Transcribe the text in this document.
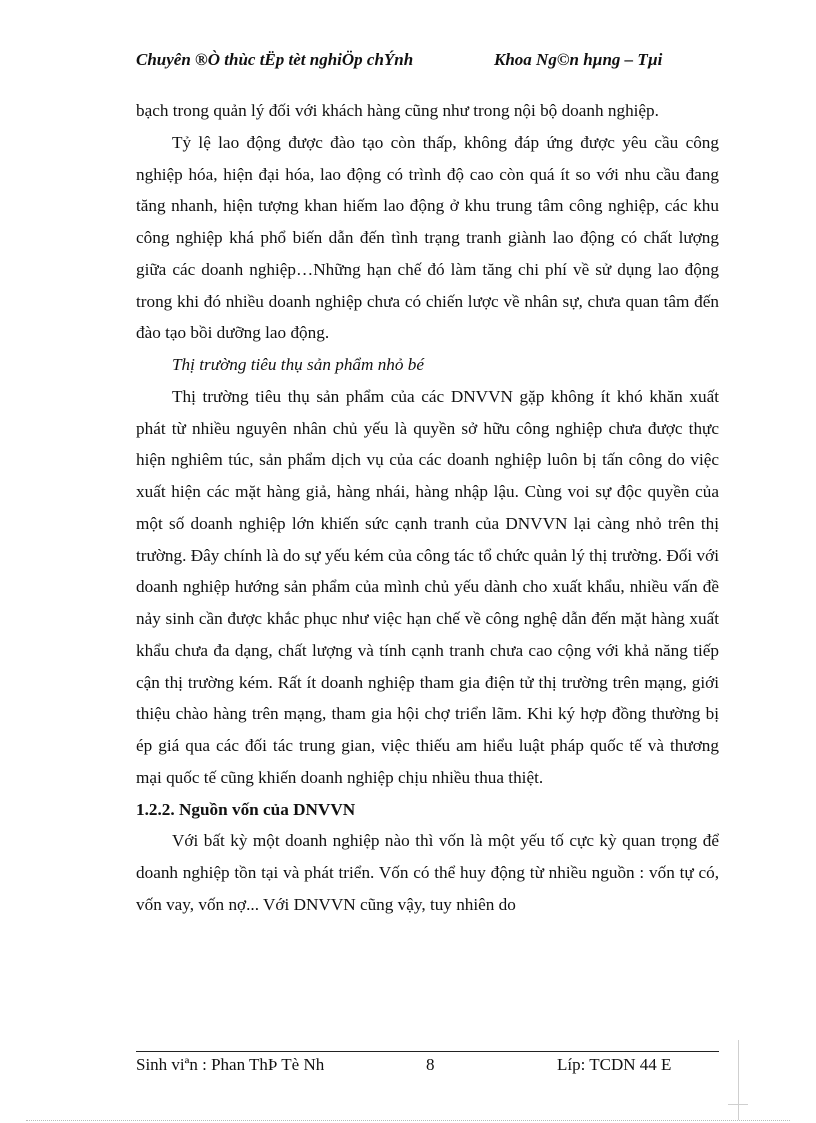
Chuyên ®Ò thùc tËp tèt nghiÖp chÝnh	Khoa Ng©n hµng – Tµi

bạch trong quản lý đối với khách hàng cũng như trong nội bộ doanh nghiệp.

Tỷ lệ lao động được đào tạo còn thấp, không đáp ứng được yêu cầu công nghiệp hóa, hiện đại hóa, lao động có trình độ cao còn quá ít so với nhu cầu đang tăng nhanh, hiện tượng khan hiếm lao động ở khu trung tâm công nghiệp, các khu công nghiệp khá phổ biến dẫn đến tình trạng tranh giành lao động có chất lượng giữa các doanh nghiệp…Những hạn chế đó làm tăng chi phí về sử dụng lao động trong khi đó nhiều doanh nghiệp chưa có chiến lược về nhân sự, chưa quan tâm đến đào tạo bồi dưỡng lao động.

Thị trường tiêu thụ sản phẩm nhỏ bé

Thị trường tiêu thụ sản phẩm của các DNVVN gặp không ít khó khăn xuất phát từ nhiều nguyên nhân chủ yếu là quyền sở hữu công nghiệp chưa được thực hiện nghiêm túc, sản phẩm dịch vụ của các doanh nghiệp luôn bị tấn công do việc xuất hiện các mặt hàng giả, hàng nhái, hàng nhập lậu. Cùng voi sự độc quyền của một số doanh nghiệp lớn khiến sức cạnh tranh của DNVVN lại càng nhỏ trên thị trường. Đây chính là do sự yếu kém của công tác tổ chức quản lý thị trường. Đối với doanh nghiệp hướng sản phẩm của mình chủ yếu dành cho xuất khẩu, nhiều vấn đề nảy sinh cần được khắc phục như việc hạn chế về công nghệ dẫn đến mặt hàng xuất khẩu chưa đa dạng, chất lượng và tính cạnh tranh chưa cao cộng với khả năng tiếp cận thị trường kém. Rất ít doanh nghiệp tham gia điện tử thị trường trên mạng, giới thiệu chào hàng trên mạng, tham gia hội chợ triển lãm. Khi ký hợp đồng thường bị ép giá qua các đối tác trung gian, việc thiếu am hiểu luật pháp quốc tế và thương mại quốc tế cũng khiến doanh nghiệp chịu nhiều thua thiệt.

1.2.2. Nguồn vốn của DNVVN

Với bất kỳ một doanh nghiệp nào thì vốn là một yếu tố cực kỳ quan trọng để doanh nghiệp tồn tại và phát triển. Vốn có thể huy động từ nhiều nguồn : vốn tự có, vốn vay, vốn nợ... Với DNVVN cũng vậy, tuy nhiên do

Sinh viªn : Phan ThÞ Tè Nh	8	Líp: TCDN 44 E
